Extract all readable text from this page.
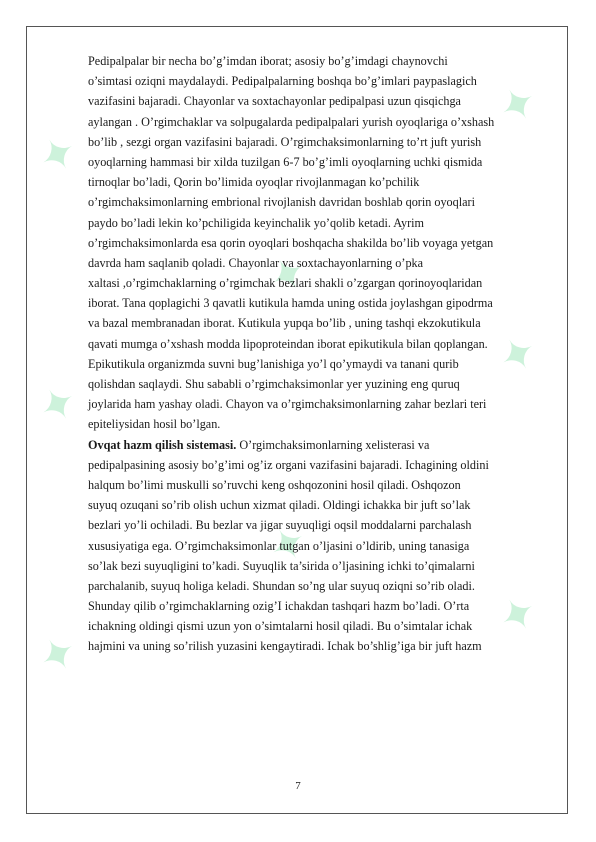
✦
✦
✦
✦
✦
✦
✦
✦
Pedipalpalar bir necha bo’g’imdan iborat; asosiy bo’g’imdagi chaynovchi
o’simtasi oziqni maydalaydi. Pedipalpalarning boshqa bo’g’imlari paypaslagich
vazifasini bajaradi. Chayonlar va soxtachayonlar pedipalpasi uzun qisqichga
aylangan . O’rgimchaklar va solpugalarda pedipalpalari yurish oyoqlariga o’xshash
bo’lib , sezgi organ vazifasini bajaradi. O’rgimchaksimonlarning to’rt juft yurish
oyoqlarning hammasi bir xilda tuzilgan 6-7 bo’g’imli oyoqlarning uchki qismida
tirnoqlar bo’ladi, Qorin bo’limida oyoqlar rivojlanmagan ko’pchilik
o’rgimchaksimonlarning embrional rivojlanish davridan boshlab qorin oyoqlari
paydo bo’ladi lekin ko’pchiligida keyinchalik yo’qolib ketadi. Ayrim
o’rgimchaksimonlarda esa qorin oyoqlari boshqacha shakilda bo’lib voyaga yetgan
davrda ham saqlanib qoladi. Chayonlar va soxtachayonlarning o’pka
xaltasi ,o’rgimchaklarning o’rgimchak bezlari shakli o’zgargan qorinoyoqlaridan
iborat. Tana qoplagichi 3 qavatli kutikula hamda uning ostida joylashgan gipodrma
va bazal membranadan iborat. Kutikula yupqa bo’lib , uning tashqi ekzokutikula
qavati mumga o’xshash modda lipoproteindan iborat epikutikula bilan qoplangan.
Epikutikula organizmda suvni bug’lanishiga yo’l qo’ymaydi va tanani qurib
qolishdan saqlaydi. Shu sababli o’rgimchaksimonlar yer yuzining eng quruq
joylarida ham yashay oladi. Chayon va o’rgimchaksimonlarning zahar bezlari teri
epiteliysidan hosil bo’lgan.
Ovqat hazm qilish sistemasi. O’rgimchaksimonlarning xelisterasi va
pedipalpasining asosiy bo’g’imi og’iz organi vazifasini bajaradi. Ichagining oldini
halqum bo’limi muskulli so’ruvchi keng oshqozonini hosil qiladi. Oshqozon
suyuq ozuqani so’rib olish uchun xizmat qiladi. Oldingi ichakka bir juft so’lak
bezlari yo’li ochiladi. Bu bezlar va jigar suyuqligi oqsil moddalarni parchalash
xususiyatiga ega. O’rgimchaksimonlar tutgan o’ljasini o’ldirib, uning tanasiga
so’lak bezi suyuqligini to’kadi. Suyuqlik ta’sirida o’ljasining ichki to’qimalarni
parchalanib, suyuq holiga keladi. Shundan so’ng ular suyuq oziqni so’rib oladi.
Shunday qilib o’rgimchaklarning ozig’I ichakdan tashqari hazm bo’ladi. O’rta
ichakning oldingi qismi uzun yon o’simtalarni hosil qiladi. Bu o’simtalar ichak
hajmini va uning so’rilish yuzasini kengaytiradi. Ichak bo’shlig’iga bir juft hazm
7
